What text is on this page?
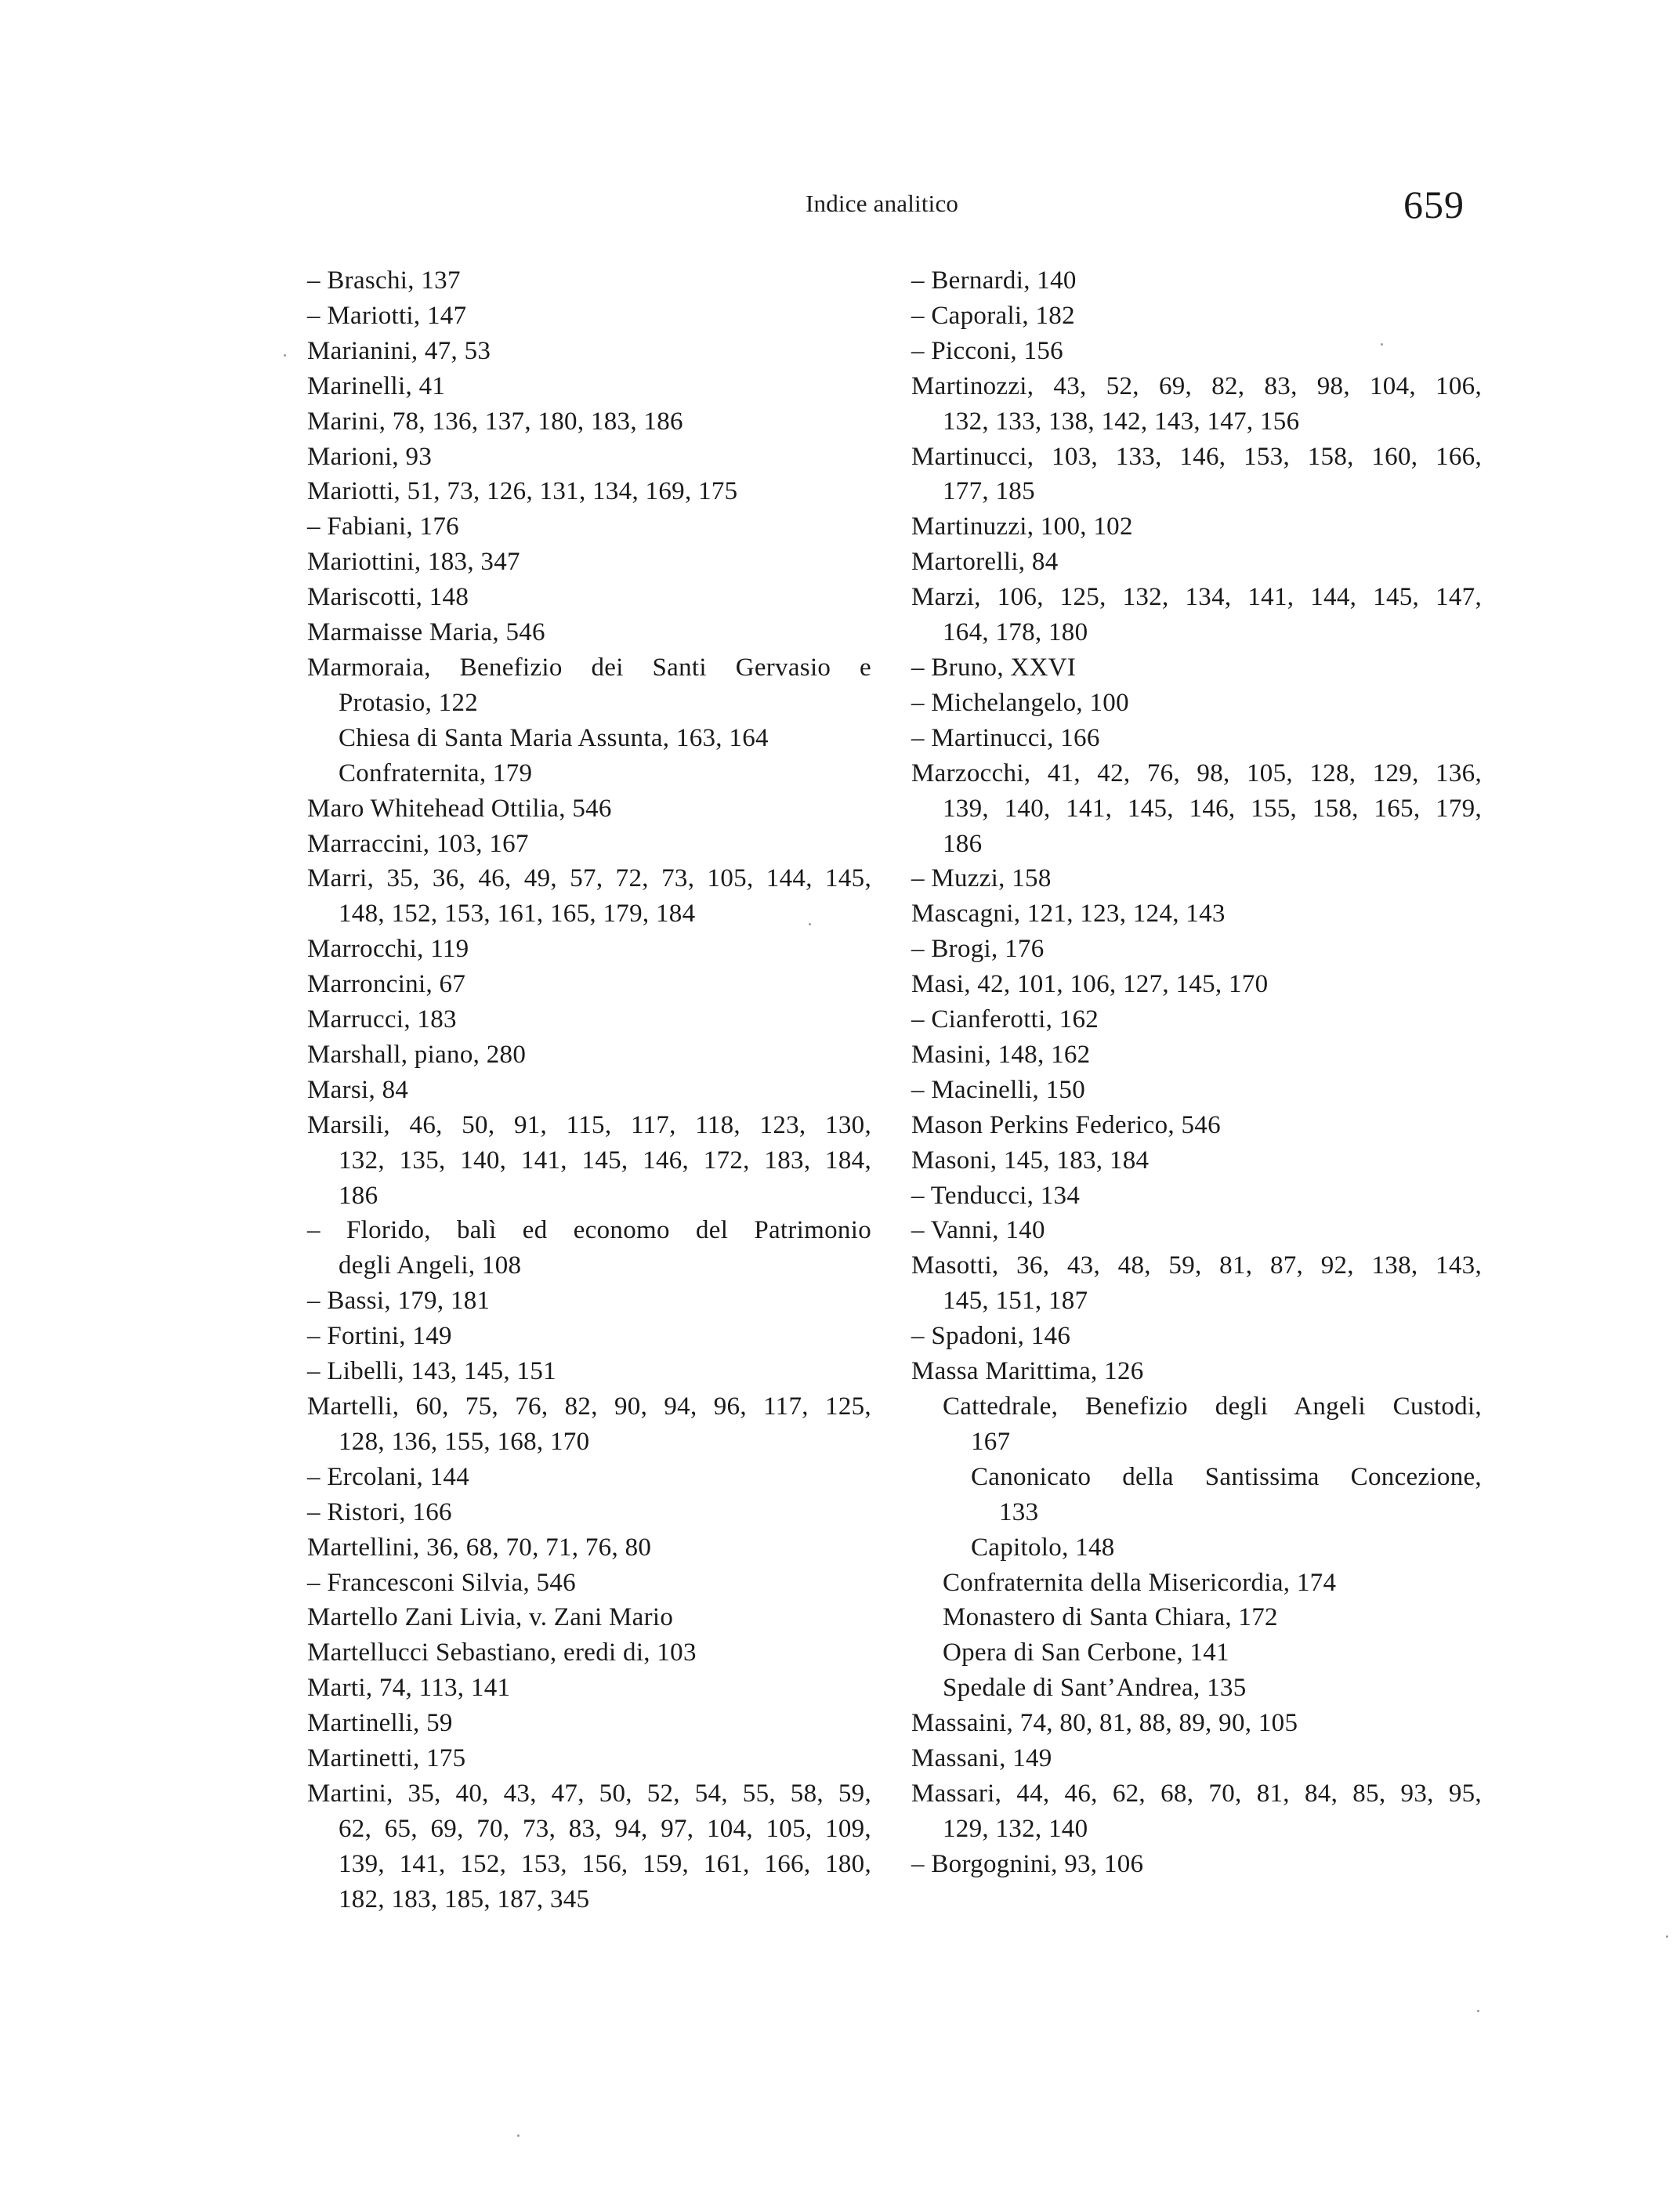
Indice analitico	659
– Braschi, 137
– Mariotti, 147
Marianini, 47, 53
Marinelli, 41
Marini, 78, 136, 137, 180, 183, 186
Marioni, 93
Mariotti, 51, 73, 126, 131, 134, 169, 175
– Fabiani, 176
Mariottini, 183, 347
Mariscotti, 148
Marmaisse Maria, 546
Marmoraia, Benefizio dei Santi Gervasio e
Protasio, 122
Chiesa di Santa Maria Assunta, 163, 164
Confraternita, 179
Maro Whitehead Ottilia, 546
Marraccini, 103, 167
Marri, 35, 36, 46, 49, 57, 72, 73, 105, 144, 145,
148, 152, 153, 161, 165, 179, 184
Marrocchi, 119
Marroncini, 67
Marrucci, 183
Marshall, piano, 280
Marsi, 84
Marsili, 46, 50, 91, 115, 117, 118, 123, 130,
132, 135, 140, 141, 145, 146, 172, 183, 184,
186
– Florido, balì ed economo del Patrimonio
degli Angeli, 108
– Bassi, 179, 181
– Fortini, 149
– Libelli, 143, 145, 151
Martelli, 60, 75, 76, 82, 90, 94, 96, 117, 125,
128, 136, 155, 168, 170
– Ercolani, 144
– Ristori, 166
Martellini, 36, 68, 70, 71, 76, 80
– Francesconi Silvia, 546
Martello Zani Livia, v. Zani Mario
Martellucci Sebastiano, eredi di, 103
Marti, 74, 113, 141
Martinelli, 59
Martinetti, 175
Martini, 35, 40, 43, 47, 50, 52, 54, 55, 58, 59,
62, 65, 69, 70, 73, 83, 94, 97, 104, 105, 109,
139, 141, 152, 153, 156, 159, 161, 166, 180,
182, 183, 185, 187, 345
– Bernardi, 140
– Caporali, 182
– Picconi, 156
Martinozzi, 43, 52, 69, 82, 83, 98, 104, 106,
132, 133, 138, 142, 143, 147, 156
Martinucci, 103, 133, 146, 153, 158, 160, 166,
177, 185
Martinuzzi, 100, 102
Martorelli, 84
Marzi, 106, 125, 132, 134, 141, 144, 145, 147,
164, 178, 180
– Bruno, XXVI
– Michelangelo, 100
– Martinucci, 166
Marzocchi, 41, 42, 76, 98, 105, 128, 129, 136,
139, 140, 141, 145, 146, 155, 158, 165, 179,
186
– Muzzi, 158
Mascagni, 121, 123, 124, 143
– Brogi, 176
Masi, 42, 101, 106, 127, 145, 170
– Cianferotti, 162
Masini, 148, 162
– Macinelli, 150
Mason Perkins Federico, 546
Masoni, 145, 183, 184
– Tenducci, 134
– Vanni, 140
Masotti, 36, 43, 48, 59, 81, 87, 92, 138, 143,
145, 151, 187
– Spadoni, 146
Massa Marittima, 126
Cattedrale, Benefizio degli Angeli Custodi,
167
Canonicato della Santissima Concezione,
133
Capitolo, 148
Confraternita della Misericordia, 174
Monastero di Santa Chiara, 172
Opera di San Cerbone, 141
Spedale di Sant’Andrea, 135
Massaini, 74, 80, 81, 88, 89, 90, 105
Massani, 149
Massari, 44, 46, 62, 68, 70, 81, 84, 85, 93, 95,
129, 132, 140
– Borgognini, 93, 106
